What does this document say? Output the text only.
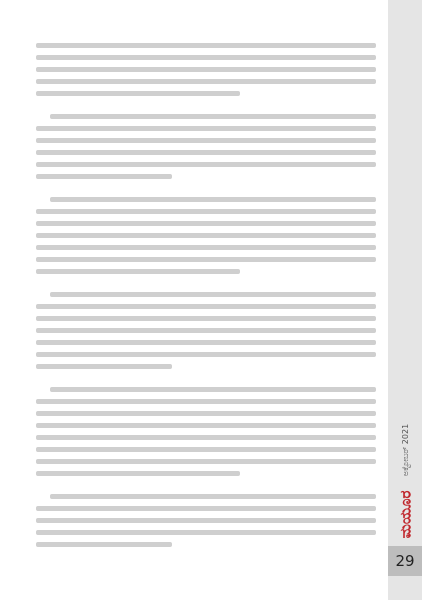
ಅಕ್ಟೋಬರ್ 2021
ಮಯೂರ
29
